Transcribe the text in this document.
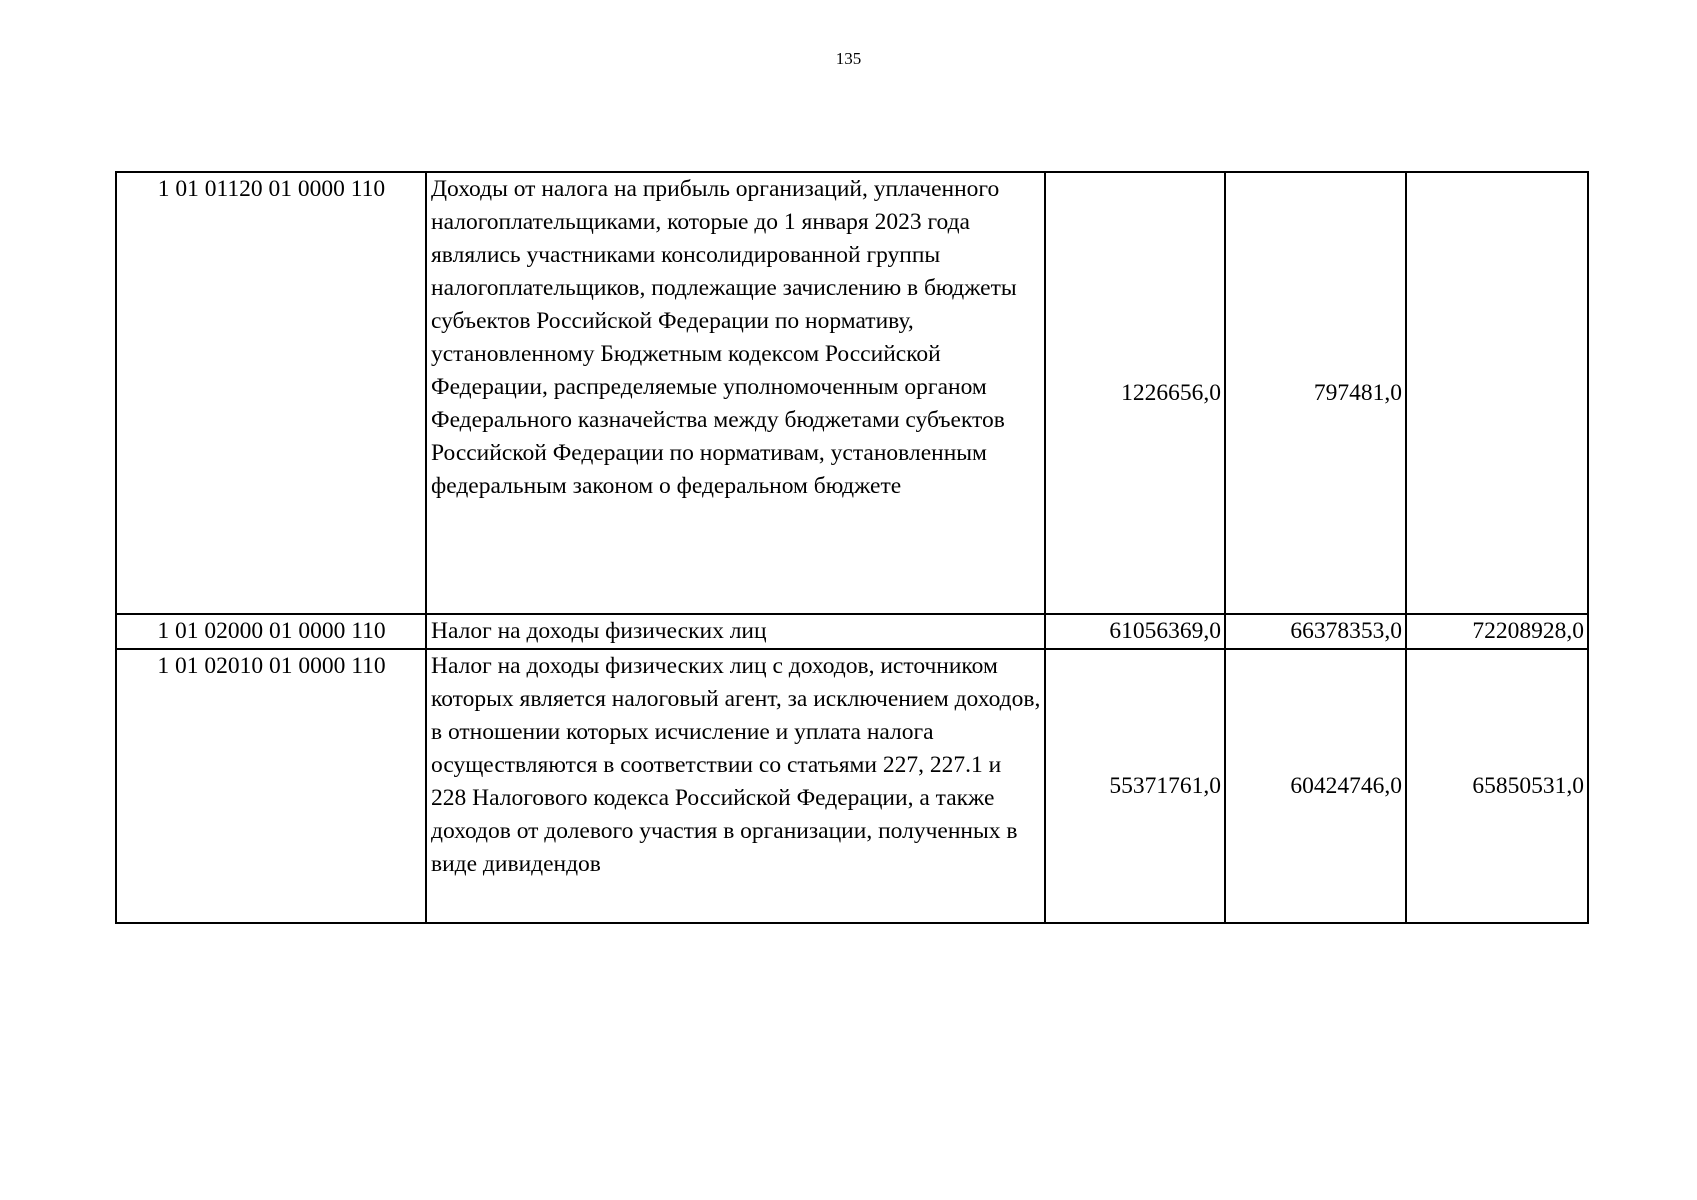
135
1 01 01120 01 0000 110	Доходы от налога на прибыль организаций, уплаченного налогоплательщиками, которые до 1 января 2023 года являлись участниками консолидированной группы налогоплательщиков, подлежащие зачислению в бюджеты субъектов Российской Федерации по нормативу, установленному Бюджетным кодексом Российской Федерации, распределяемые уполномоченным органом Федерального казначейства между бюджетами субъектов Российской Федерации по нормативам, установленным федеральным законом о федеральном бюджете	1226656,0	797481,0	
1 01 02000 01 0000 110	Налог на доходы физических лиц	61056369,0	66378353,0	72208928,0
1 01 02010 01 0000 110	Налог на доходы физических лиц с доходов, источником которых является налоговый агент, за исключением доходов, в отношении которых исчисление и уплата налога осуществляются в соответствии со статьями 227, 227.1 и 228 Налогового кодекса Российской Федерации, а также доходов от долевого участия в организации, полученных в виде дивидендов	55371761,0	60424746,0	65850531,0
